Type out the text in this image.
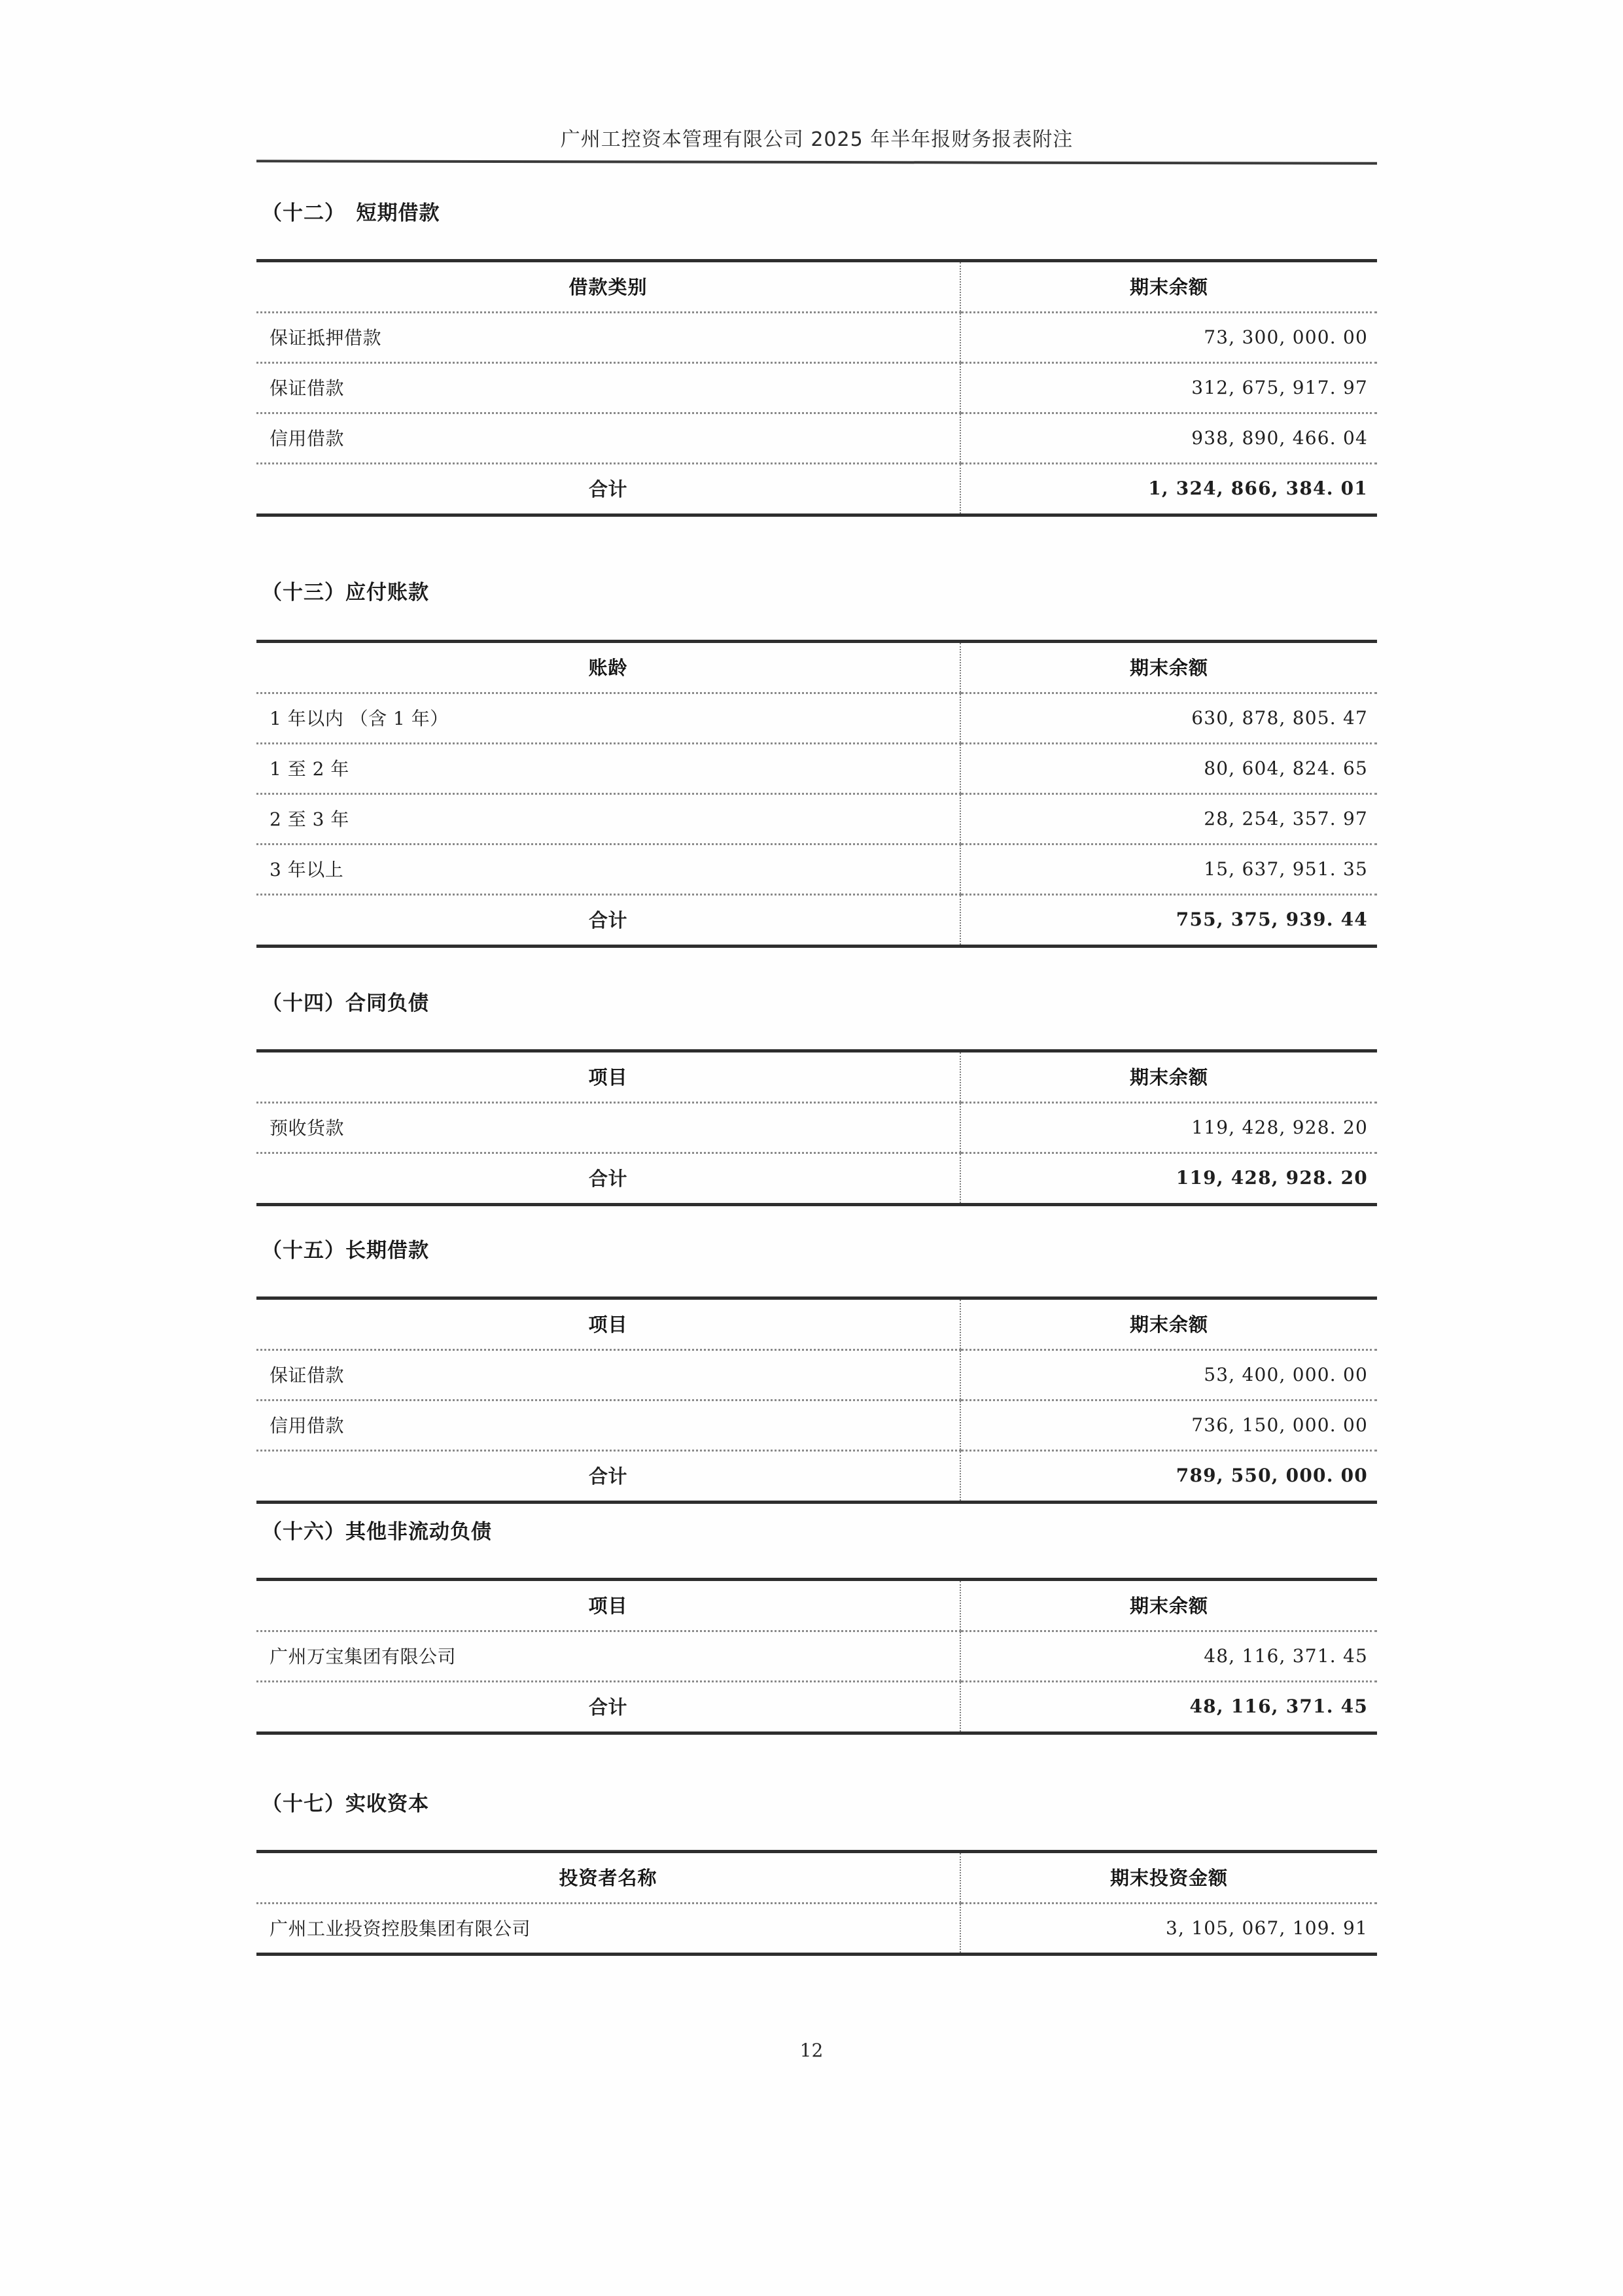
广州工控资本管理有限公司 2025 年半年报财务报表附注
（十二）　短期借款
借款类别	期末余额
保证抵押借款	73, 300, 000. 00
保证借款	312, 675, 917. 97
信用借款	938, 890, 466. 04
合计	1, 324, 866, 384. 01
（十三）应付账款
账龄	期末余额
1 年以内 （含 1 年）	630, 878, 805. 47
1 至 2 年	80, 604, 824. 65
2 至 3 年	28, 254, 357. 97
3 年以上	15, 637, 951. 35
合计	755, 375, 939. 44
（十四）合同负债
项目	期末余额
预收货款	119, 428, 928. 20
合计	119, 428, 928. 20
（十五）长期借款
项目	期末余额
保证借款	53, 400, 000. 00
信用借款	736, 150, 000. 00
合计	789, 550, 000. 00
（十六）其他非流动负债
项目	期末余额
广州万宝集团有限公司	48, 116, 371. 45
合计	48, 116, 371. 45
（十七）实收资本
投资者名称	期末投资金额
广州工业投资控股集团有限公司	3, 105, 067, 109. 91
12
